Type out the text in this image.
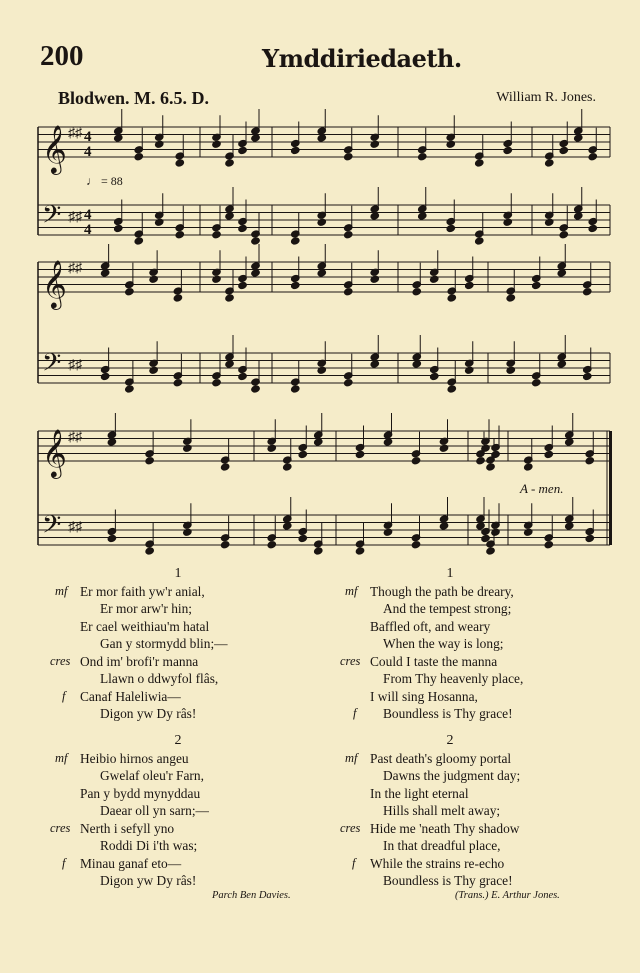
200	Ymddiriedaeth.
Blodwen. M. 6.5. D.	William R. Jones.
𝄞 ♯♯ 4
4
𝄢 ♯♯ 4
4
𝄞 ♯♯
𝄢 ♯♯
𝄞 ♯♯
𝄢 ♯♯
♩ = 88
A - men.
1
mf Er mor faith yw'r anial,
Er mor arw'r hin;
Er cael weithiau'm hatal
Gan y stormydd blin;—
cres Ond im' brofi'r manna
Llawn o ddwyfol flâs,
f Canaf Haleliwia—
Digon yw Dy râs!
2
mf Heibio hirnos angeu
Gwelaf oleu'r Farn,
Pan y bydd mynyddau
Daear oll yn sarn;—
cres Nerth i sefyll yno
Roddi Di i'th was;
f Minau ganaf eto—
Digon yw Dy râs!
Parch Ben Davies.
1
mf Though the path be dreary,
And the tempest strong;
Baffled oft, and weary
When the way is long;
cres Could I taste the manna
From Thy heavenly place,
I will sing Hosanna,
f Boundless is Thy grace!
2
mf Past death's gloomy portal
Dawns the judgment day;
In the light eternal
Hills shall melt away;
cres Hide me 'neath Thy shadow
In that dreadful place,
f While the strains re-echo
Boundless is Thy grace!
(Trans.) E. Arthur Jones.
